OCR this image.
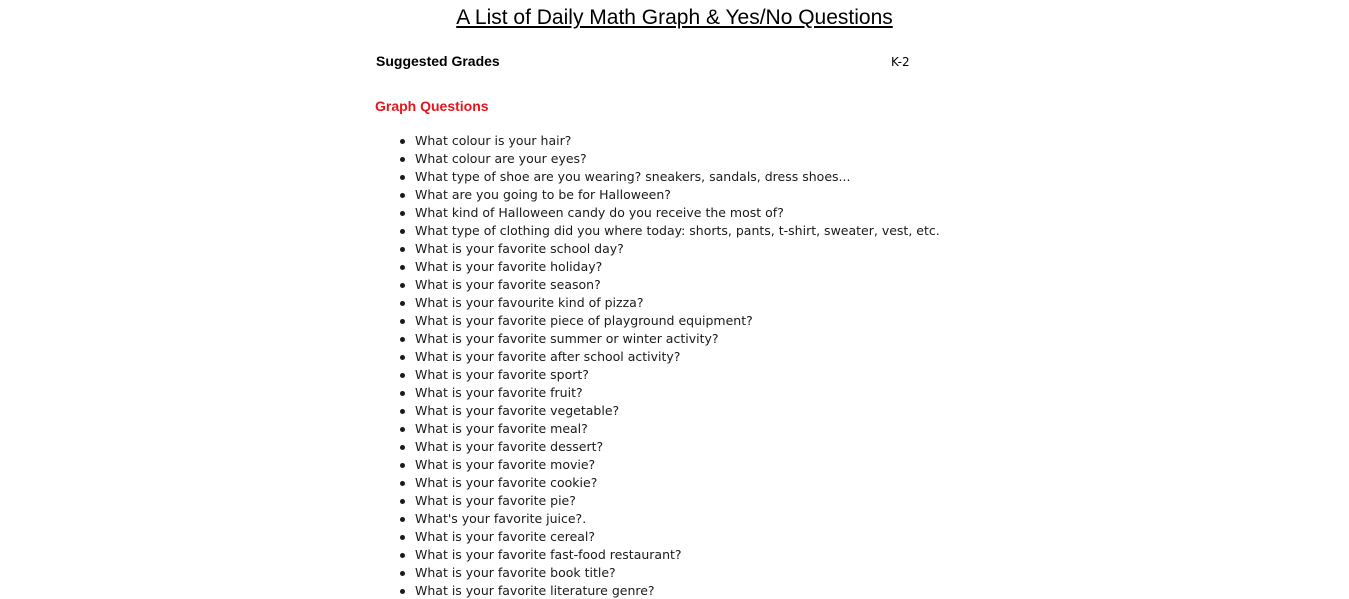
A List of Daily Math Graph & Yes/No Questions
Suggested Grades	K-2
Graph Questions
What colour is your hair?
What colour are your eyes?
What type of shoe are you wearing? sneakers, sandals, dress shoes...
What are you going to be for Halloween?
What kind of Halloween candy do you receive the most of?
What type of clothing did you where today: shorts, pants, t-shirt, sweater, vest, etc.
What is your favorite school day?
What is your favorite holiday?
What is your favorite season?
What is your favourite kind of pizza?
What is your favorite piece of playground equipment?
What is your favorite summer or winter activity?
What is your favorite after school activity?
What is your favorite sport?
What is your favorite fruit?
What is your favorite vegetable?
What is your favorite meal?
What is your favorite dessert?
What is your favorite movie?
What is your favorite cookie?
What is your favorite pie?
What's your favorite juice?.
What is your favorite cereal?
What is your favorite fast-food restaurant?
What is your favorite book title?
What is your favorite literature genre?
